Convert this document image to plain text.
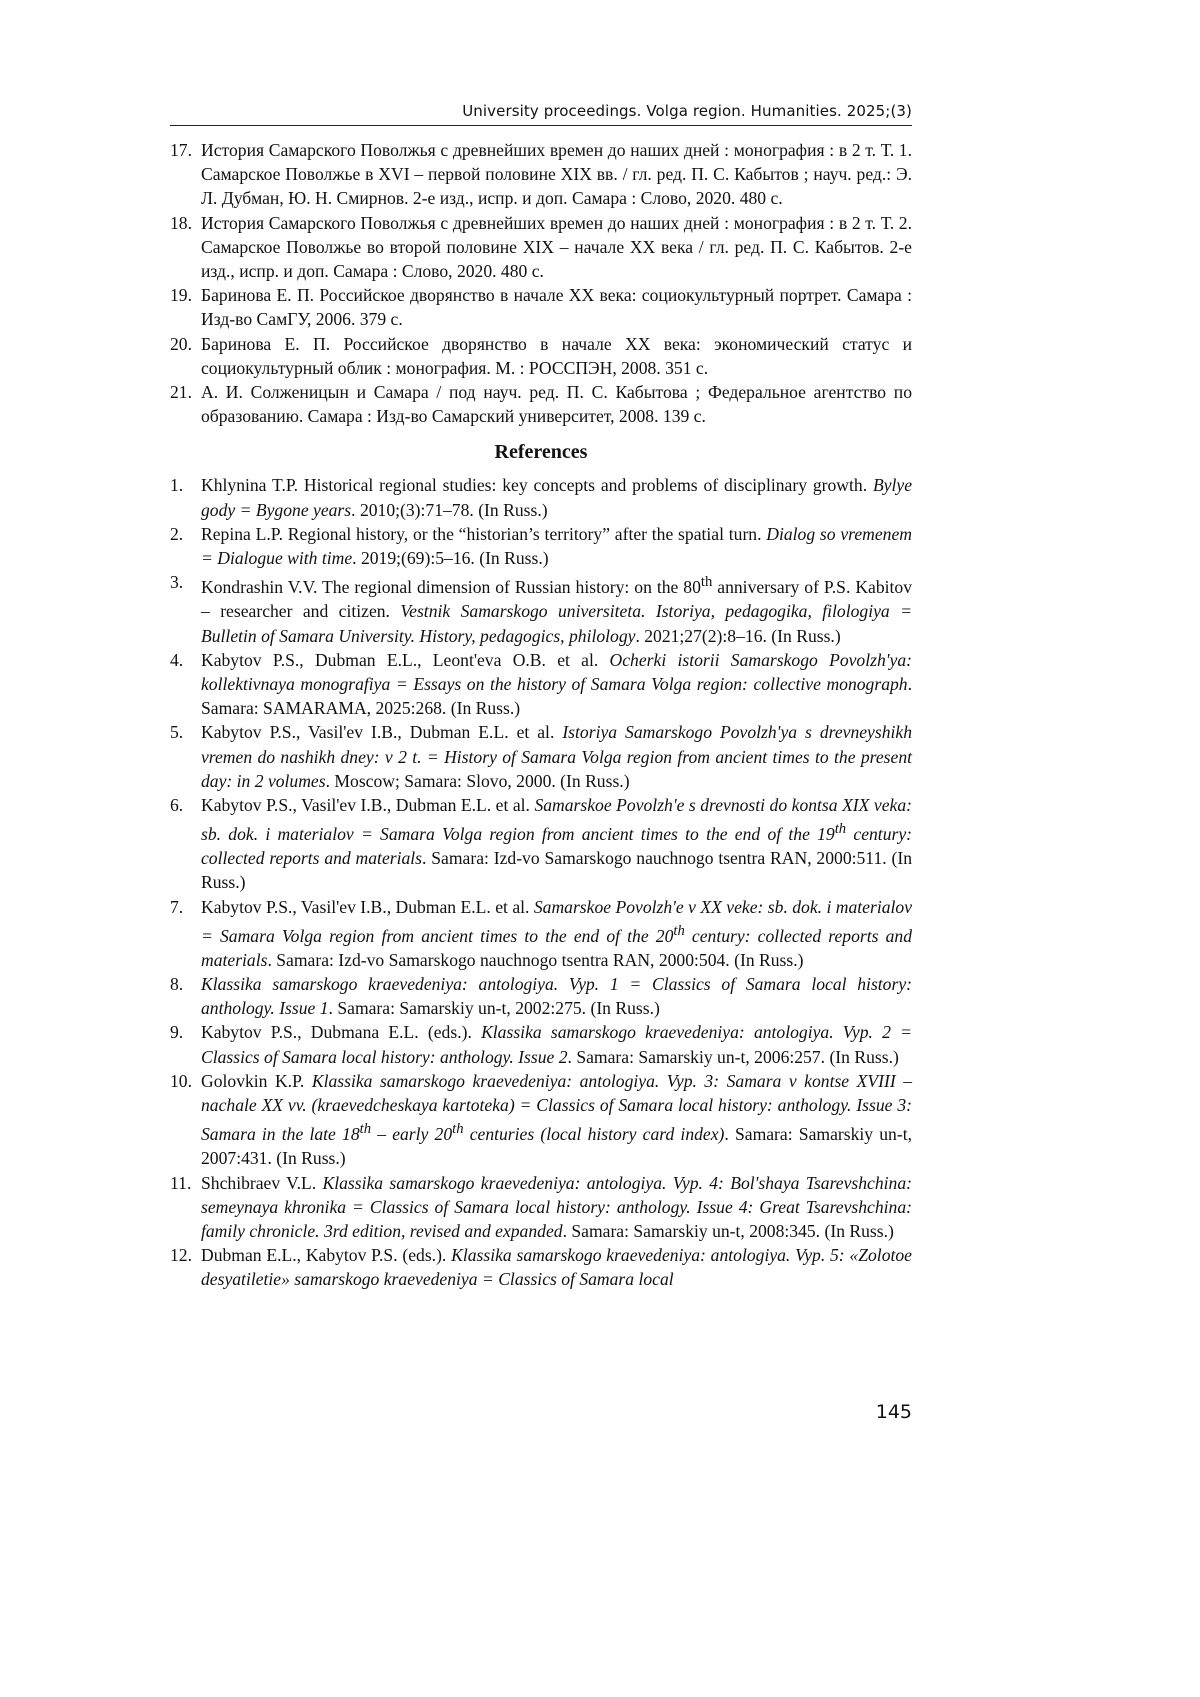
University proceedings. Volga region. Humanities. 2025;(3)
17. История Самарского Поволжья с древнейших времен до наших дней : монография : в 2 т. Т. 1. Самарское Поволжье в XVI – первой половине XIX вв. / гл. ред. П. С. Кабытов ; науч. ред.: Э. Л. Дубман, Ю. Н. Смирнов. 2-е изд., испр. и доп. Самара : Слово, 2020. 480 с.
18. История Самарского Поволжья с древнейших времен до наших дней : монография : в 2 т. Т. 2. Самарское Поволжье во второй половине XIX – начале XX века / гл. ред. П. С. Кабытов. 2-е изд., испр. и доп. Самара : Слово, 2020. 480 с.
19. Баринова Е. П. Российское дворянство в начале XX века: социокультурный портрет. Самара : Изд-во СамГУ, 2006. 379 с.
20. Баринова Е. П. Российское дворянство в начале XX века: экономический статус и социокультурный облик : монография. М. : РОССПЭН, 2008. 351 с.
21. А. И. Солженицын и Самара / под науч. ред. П. С. Кабытова ; Федеральное агентство по образованию. Самара : Изд-во Самарский университет, 2008. 139 с.
References
1.	Khlynina T.P. Historical regional studies: key concepts and problems of disciplinary growth. Bylye gody = Bygone years. 2010;(3):71–78. (In Russ.)
2.	Repina L.P. Regional history, or the “historian’s territory” after the spatial turn. Dialog so vremenem = Dialogue with time. 2019;(69):5–16. (In Russ.)
3.	Kondrashin V.V. The regional dimension of Russian history: on the 80th anniversary of P.S. Kabitov – researcher and citizen. Vestnik Samarskogo universiteta. Istoriya, pedagogika, filologiya = Bulletin of Samara University. History, pedagogics, philology. 2021;27(2):8–16. (In Russ.)
4.	Kabytov P.S., Dubman E.L., Leont'eva O.B. et al. Ocherki istorii Samarskogo Povolzh'ya: kollektivnaya monografiya = Essays on the history of Samara Volga region: collective monograph. Samara: SAMARAMA, 2025:268. (In Russ.)
5.	Kabytov P.S., Vasil'ev I.B., Dubman E.L. et al. Istoriya Samarskogo Povolzh'ya s drevneyshikh vremen do nashikh dney: v 2 t. = History of Samara Volga region from ancient times to the present day: in 2 volumes. Moscow; Samara: Slovo, 2000. (In Russ.)
6.	Kabytov P.S., Vasil'ev I.B., Dubman E.L. et al. Samarskoe Povolzh'e s drevnosti do kontsa XIX veka: sb. dok. i materialov = Samara Volga region from ancient times to the end of the 19th century: collected reports and materials. Samara: Izd-vo Samarskogo nauchnogo tsentra RAN, 2000:511. (In Russ.)
7.	Kabytov P.S., Vasil'ev I.B., Dubman E.L. et al. Samarskoe Povolzh'e v XX veke: sb. dok. i materialov = Samara Volga region from ancient times to the end of the 20th century: collected reports and materials. Samara: Izd-vo Samarskogo nauchnogo tsentra RAN, 2000:504. (In Russ.)
8.	Klassika samarskogo kraevedeniya: antologiya. Vyp. 1 = Classics of Samara local history: anthology. Issue 1. Samara: Samarskiy un-t, 2002:275. (In Russ.)
9.	Kabytov P.S., Dubmana E.L. (eds.). Klassika samarskogo kraevedeniya: antologiya. Vyp. 2 = Classics of Samara local history: anthology. Issue 2. Samara: Samarskiy un-t, 2006:257. (In Russ.)
10. Golovkin K.P. Klassika samarskogo kraevedeniya: antologiya. Vyp. 3: Samara v kontse XVIII – nachale XX vv. (kraevedcheskaya kartoteka) = Classics of Samara local history: anthology. Issue 3: Samara in the late 18th – early 20th centuries (local history card index). Samara: Samarskiy un-t, 2007:431. (In Russ.)
11. Shchibraev V.L. Klassika samarskogo kraevedeniya: antologiya. Vyp. 4: Bol'shaya Tsarevshchina: semeynaya khronika = Classics of Samara local history: anthology. Issue 4: Great Tsarevshchina: family chronicle. 3rd edition, revised and expanded. Samara: Samarskiy un-t, 2008:345. (In Russ.)
12. Dubman E.L., Kabytov P.S. (eds.). Klassika samarskogo kraevedeniya: antologiya. Vyp. 5: «Zolotoe desyatiletie» samarskogo kraevedeniya = Classics of Samara local
145
